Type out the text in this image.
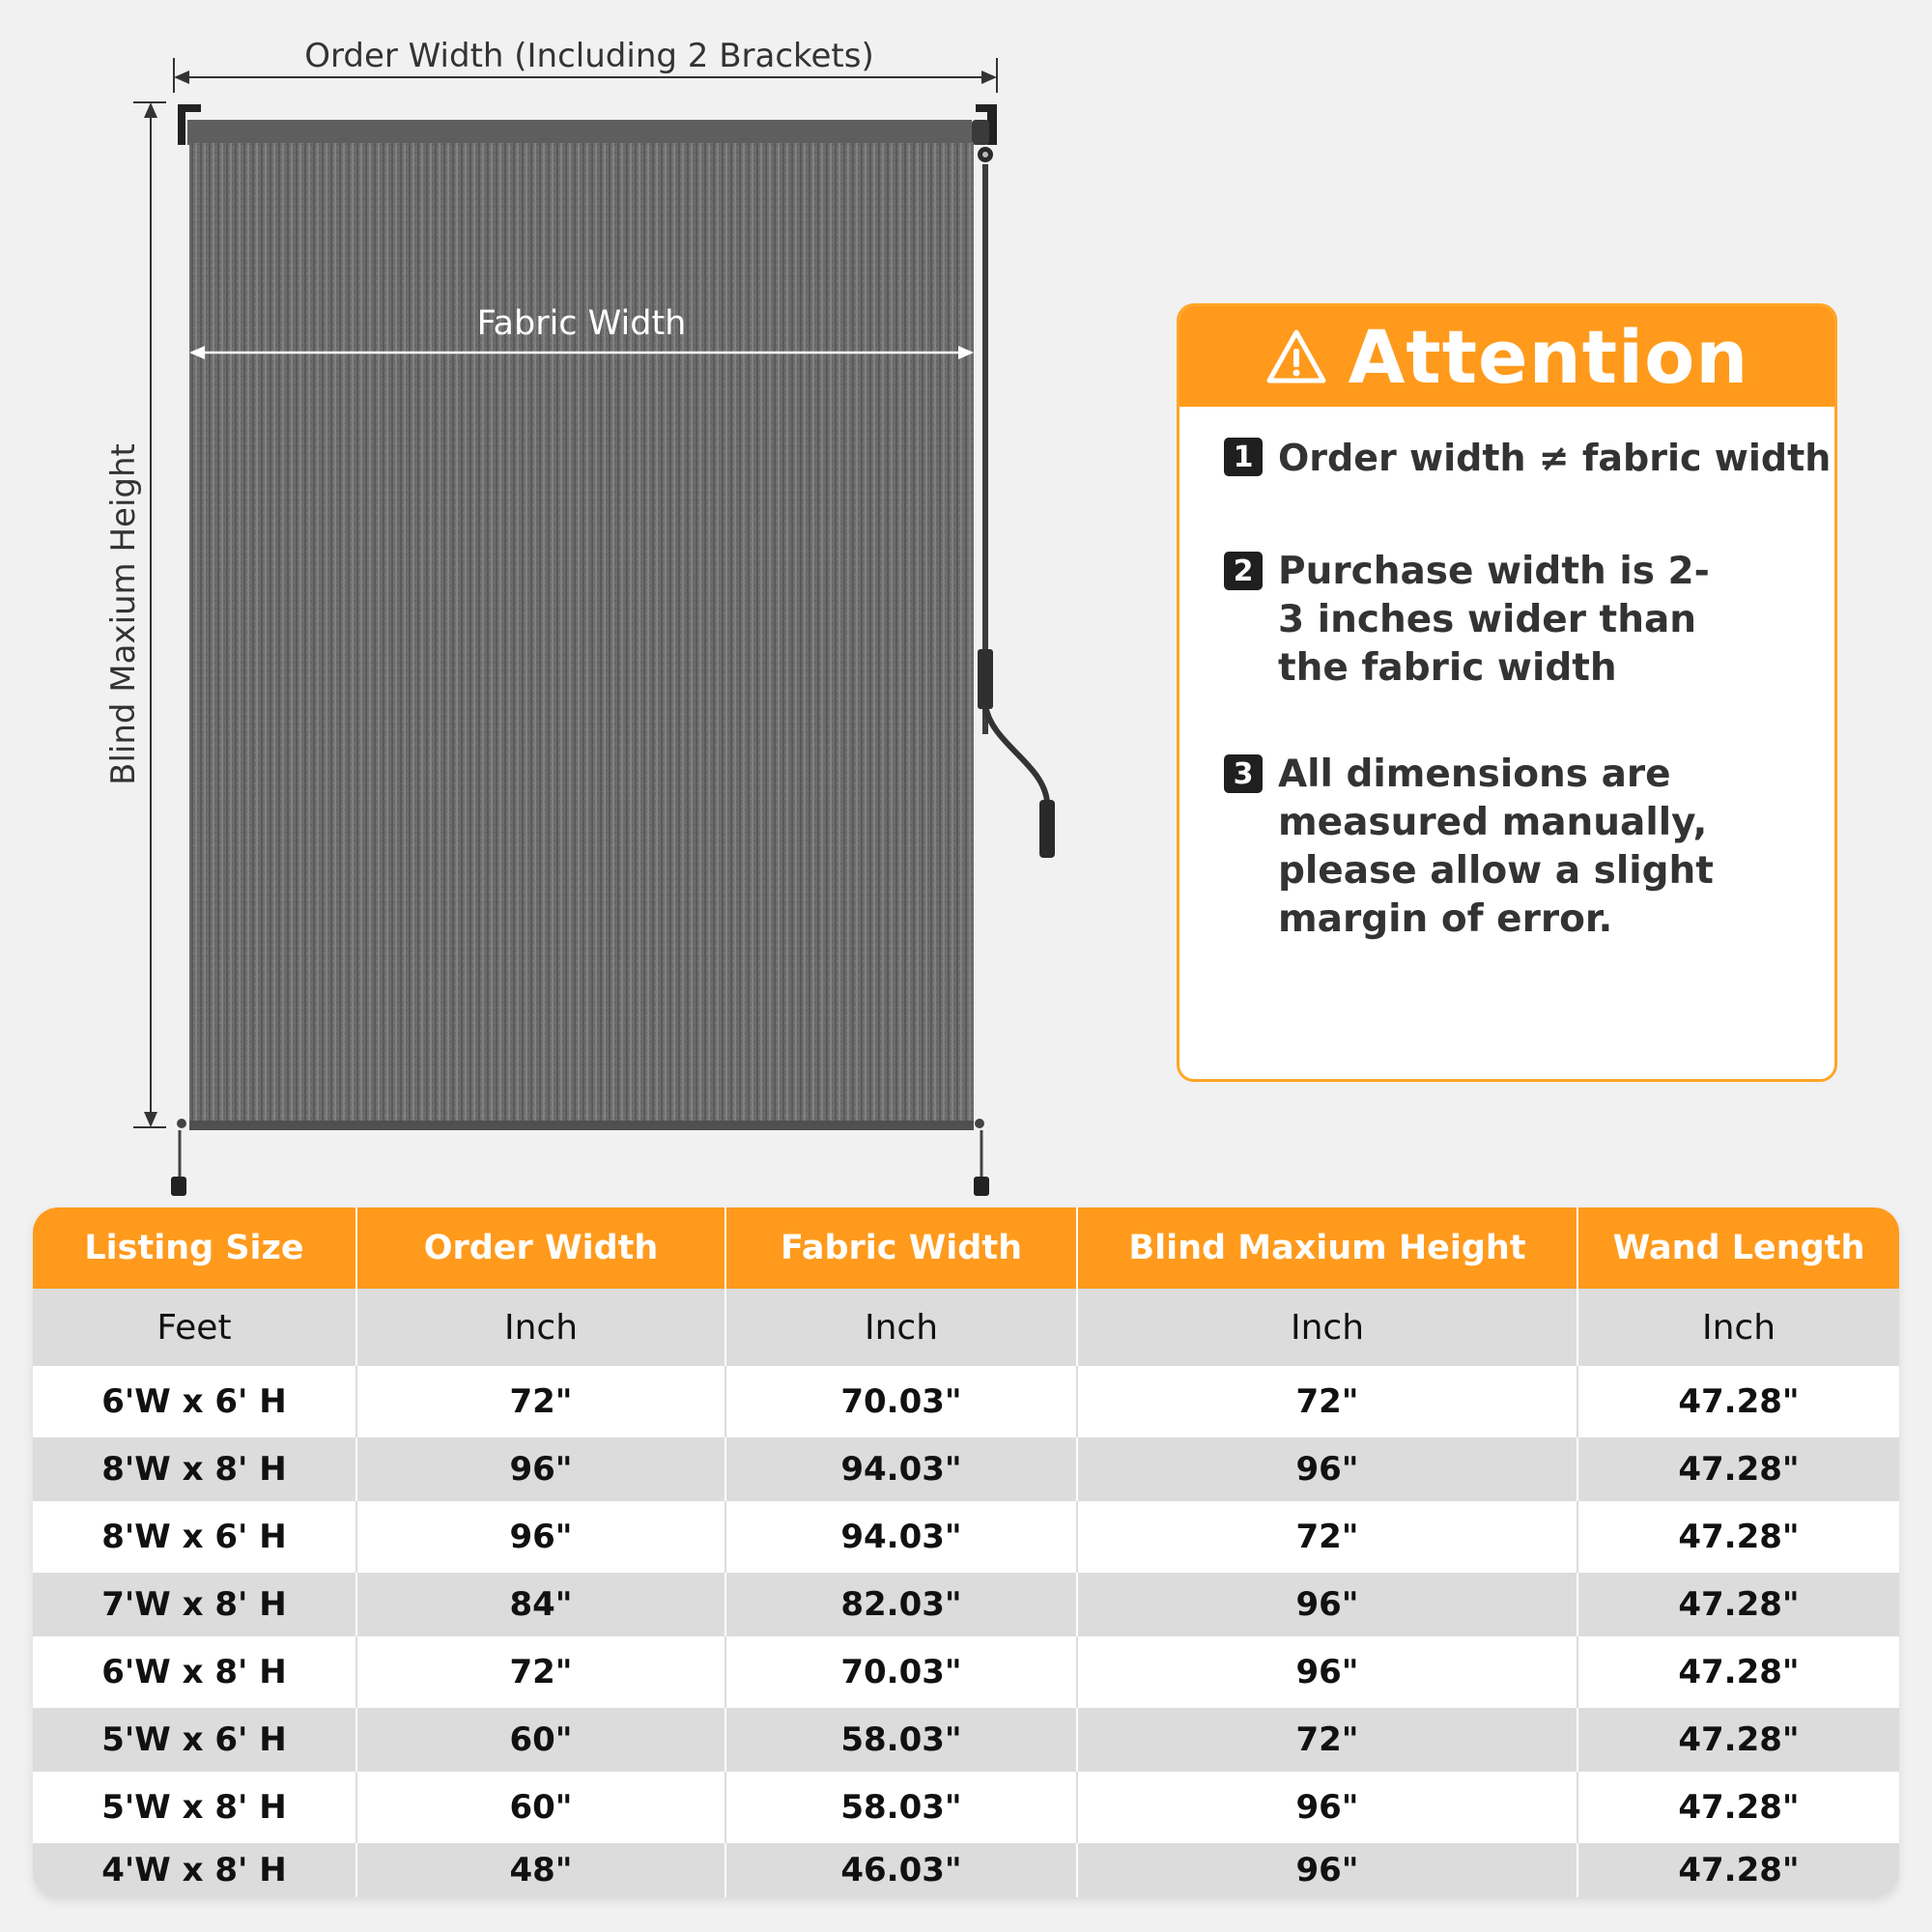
Order Width (Including 2 Brackets)
Fabric Width
Blind Maxium Height
Attention
1 Order width ≠ fabric width
2 Purchase width is 2-3 inches wider than the fabric width
3 All dimensions are measured manually, please allow a slight margin of error.
Listing Size	Order Width	Fabric Width	Blind Maxium Height	Wand Length
Feet	Inch	Inch	Inch	Inch
6'W x 6' H	72"	70.03"	72"	47.28"
8'W x 8' H	96"	94.03"	96"	47.28"
8'W x 6' H	96"	94.03"	72"	47.28"
7'W x 8' H	84"	82.03"	96"	47.28"
6'W x 8' H	72"	70.03"	96"	47.28"
5'W x 6' H	60"	58.03"	72"	47.28"
5'W x 8' H	60"	58.03"	96"	47.28"
4'W x 8' H	48"	46.03"	96"	47.28"
